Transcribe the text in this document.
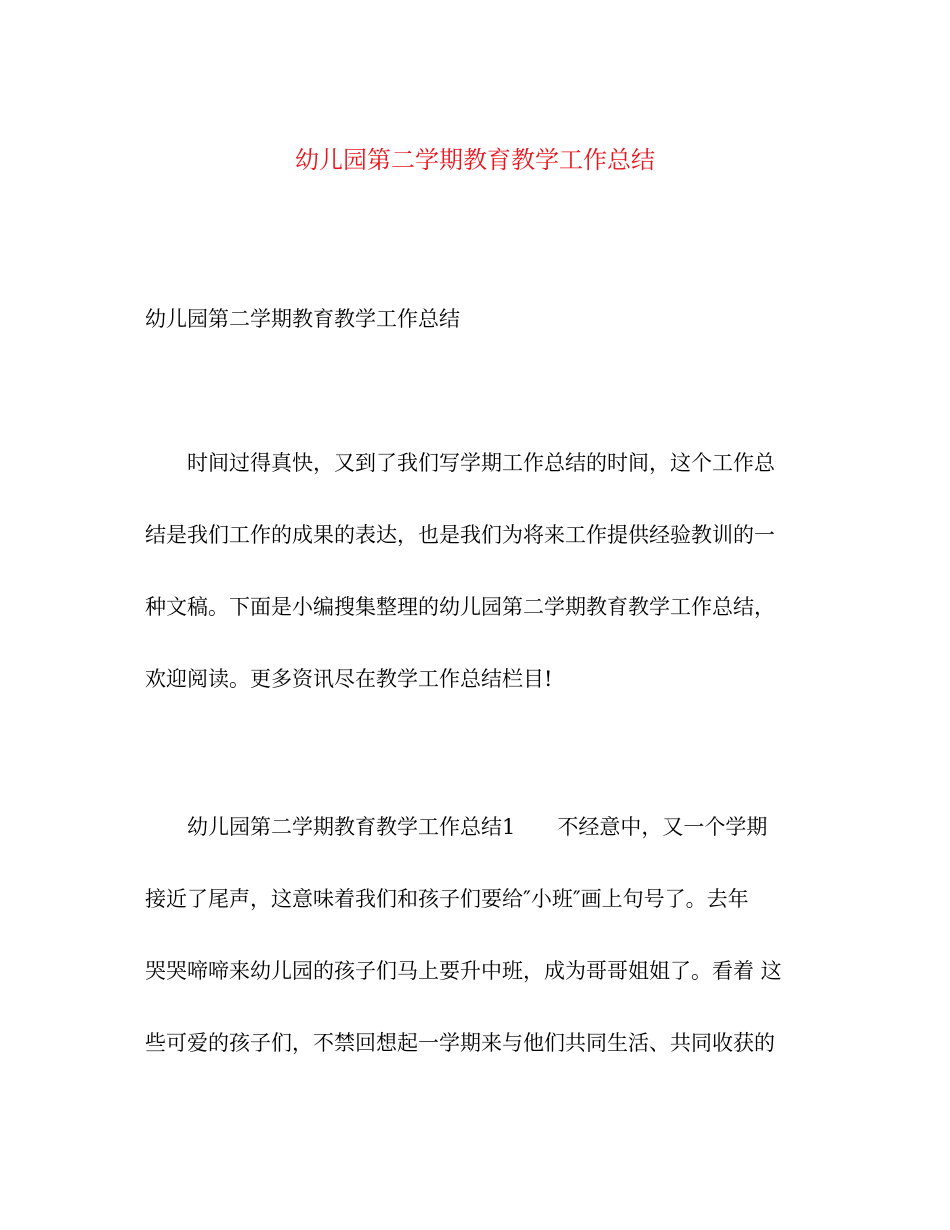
幼儿园第二学期教育教学工作总结

幼儿园第二学期教育教学工作总结

时间过得真快，又到了我们写学期工作总结的时间，这个工作总
结是我们工作的成果的表达，也是我们为将来工作提供经验教训的一
种文稿。下面是小编搜集整理的幼儿园第二学期教育教学工作总结，
欢迎阅读。更多资讯尽在教学工作总结栏目!
幼儿园第二学期教育教学工作总结1　　不经意中，又一个学期
接近了尾声，这意味着我们和孩子们要给″小班″画上句号了。去年
哭哭啼啼来幼儿园的孩子们马上要升中班，成为哥哥姐姐了。看着 这
些可爱的孩子们，不禁回想起一学期来与他们共同生活、共同收获的
